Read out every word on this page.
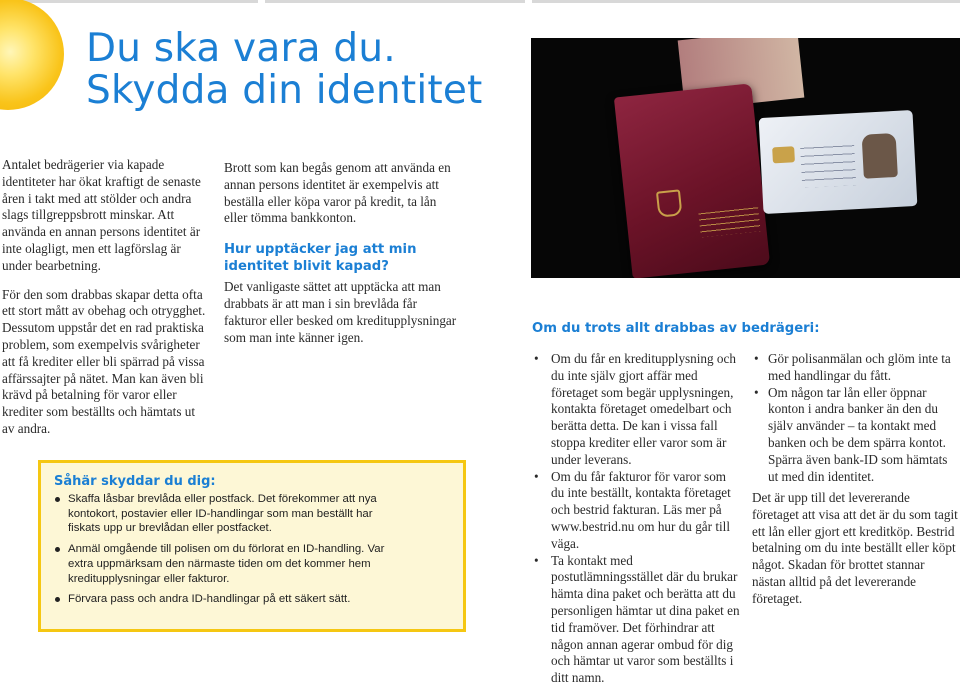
Du ska vara du.
Skydda din identitet

Antalet bedrägerier via kapade identiteter har ökat kraftigt de senaste åren i takt med att stölder och andra slags tillgreppsbrott minskar. Att använda en annan persons identitet är inte olagligt, men ett lagförslag är under bearbetning.

För den som drabbas skapar detta ofta ett stort mått av obehag och otrygghet. Dessutom uppstår det en rad praktiska problem, som exempelvis svårigheter att få krediter eller bli spärrad på vissa affärssajter på nätet. Man kan även bli krävd på betalning för varor eller krediter som beställts och hämtats ut av andra.

Brott som kan begås genom att använda en annan persons identitet är exempelvis att beställa eller köpa varor på kredit, ta lån eller tömma bankkonton.

Hur upptäcker jag att min identitet blivit kapad?

Det vanligaste sättet att upptäcka att man drabbats är att man i sin brevlåda får fakturor eller besked om kreditupplysningar som man inte känner igen.

Om du trots allt drabbas av bedrägeri:
• Om du får en kreditupplysning och du inte själv gjort affär med företaget som begär upplysningen, kontakta företaget omedelbart och berätta detta. De kan i vissa fall stoppa krediter eller varor som är under leverans.
• Om du får fakturor för varor som du inte beställt, kontakta företaget och bestrid fakturan. Läs mer på www.bestrid.nu om hur du går till väga.
• Ta kontakt med postutlämningsstället där du brukar hämta dina paket och berätta att du personligen hämtar ut dina paket en tid framöver. Det förhindrar att någon annan agerar ombud för dig och hämtar ut varor som beställts i ditt namn.
• Gör polisanmälan och glöm inte ta med handlingar du fått.
• Om någon tar lån eller öppnar konton i andra banker än den du själv använder – ta kontakt med banken och be dem spärra kontot. Spärra även bank-ID som hämtats ut med din identitet.

Det är upp till det levererande företaget att visa att det är du som tagit ett lån eller gjort ett kreditköp. Bestrid betalning om du inte beställt eller köpt något. Skadan för brottet stannar nästan alltid på det levererande företaget.

Såhär skyddar du dig:
Skaffa låsbar brevlåda eller postfack. Det förekommer att nya kontokort, postavier eller ID-handlingar som man beställt har fiskats upp ur brevlådan eller postfacket.
Anmäl omgående till polisen om du förlorat en ID-handling. Var extra uppmärksam den närmaste tiden om det kommer hem kreditupplysningar eller fakturor.
Förvara pass och andra ID-handlingar på ett säkert sätt.
